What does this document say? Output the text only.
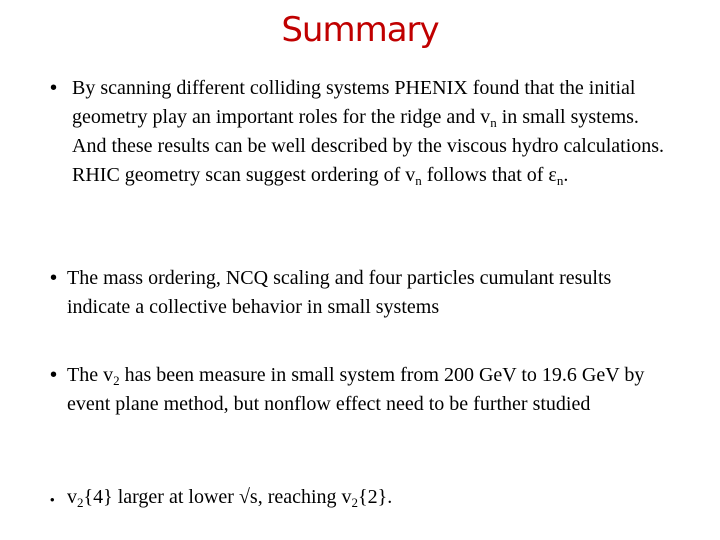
Summary
• By scanning different colliding systems PHENIX found that the initial geometry play an important roles for the ridge and $v_n$ in small systems. And these results can be well described by the viscous hydro calculations. RHIC geometry scan suggest ordering of $v_n$ follows that of $\varepsilon_n$.
• The mass ordering, NCQ scaling and four particles cumulant results indicate a collective behavior in small systems
• The $v_2$ has been measure in small system from 200 GeV to 19.6 GeV by event plane method, but nonflow effect need to be further studied
• $v_2\{4\}$ larger at lower √s, reaching $v_2\{2\}$.
